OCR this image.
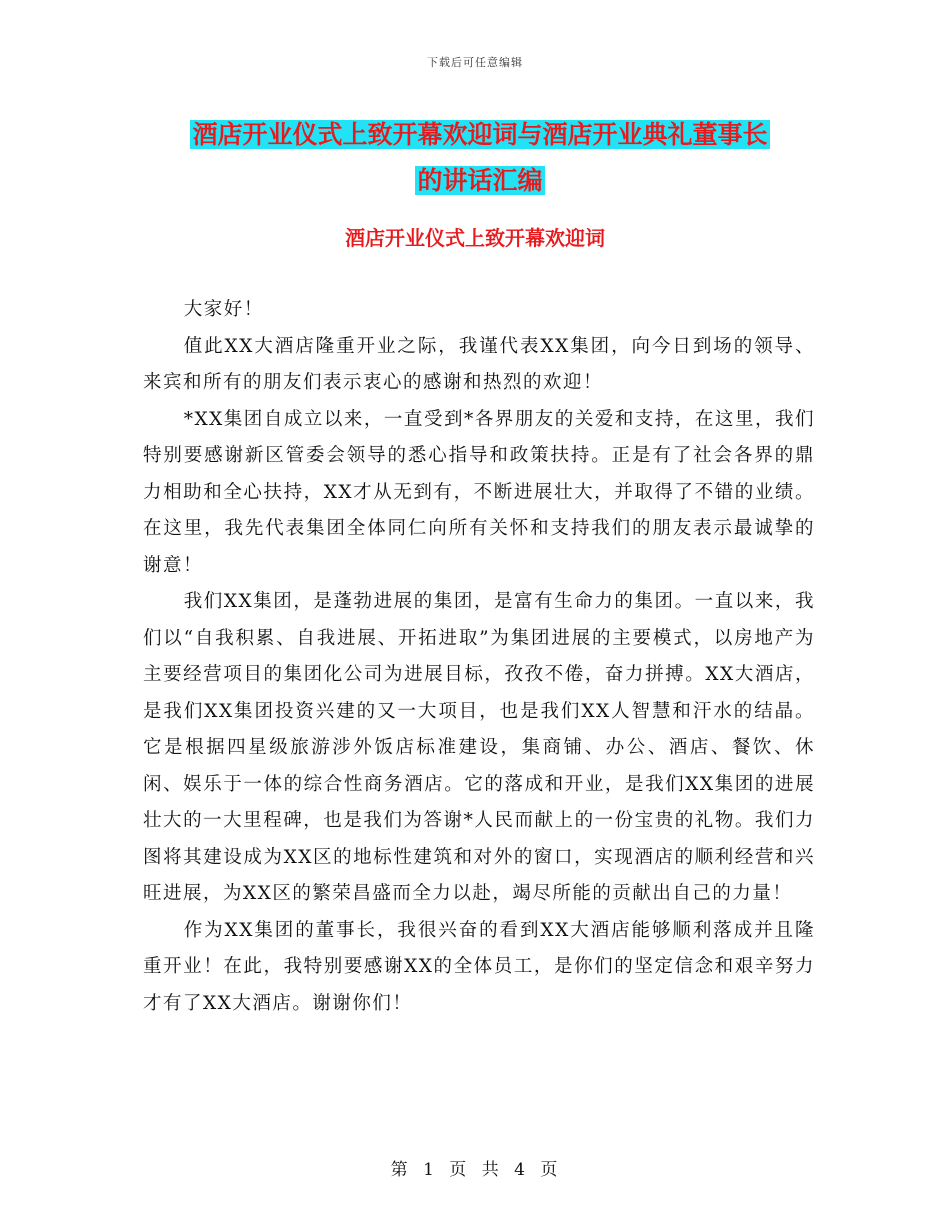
下载后可任意编辑
酒店开业仪式上致开幕欢迎词与酒店开业典礼董事长
的讲话汇编
酒店开业仪式上致开幕欢迎词

大家好！

值此XX大酒店隆重开业之际，我谨代表XX集团，向今日到场的领导、来宾和所有的朋友们表示衷心的感谢和热烈的欢迎！

*XX集团自成立以来，一直受到*各界朋友的关爱和支持，在这里，我们特别要感谢新区管委会领导的悉心指导和政策扶持。正是有了社会各界的鼎力相助和全心扶持，XX才从无到有，不断进展壮大，并取得了不错的业绩。在这里，我先代表集团全体同仁向所有关怀和支持我们的朋友表示最诚挚的谢意！

我们XX集团，是蓬勃进展的集团，是富有生命力的集团。一直以来，我们以“自我积累、自我进展、开拓进取”为集团进展的主要模式，以房地产为主要经营项目的集团化公司为进展目标，孜孜不倦，奋力拼搏。XX大酒店，是我们XX集团投资兴建的又一大项目，也是我们XX人智慧和汗水的结晶。它是根据四星级旅游涉外饭店标准建设，集商铺、办公、酒店、餐饮、休闲、娱乐于一体的综合性商务酒店。它的落成和开业，是我们XX集团的进展壮大的一大里程碑，也是我们为答谢*人民而献上的一份宝贵的礼物。我们力图将其建设成为XX区的地标性建筑和对外的窗口，实现酒店的顺利经营和兴旺进展，为XX区的繁荣昌盛而全力以赴，竭尽所能的贡献出自己的力量！

作为XX集团的董事长，我很兴奋的看到XX大酒店能够顺利落成并且隆重开业！在此，我特别要感谢XX的全体员工，是你们的坚定信念和艰辛努力才有了XX大酒店。谢谢你们！

第 1 页 共 4 页
